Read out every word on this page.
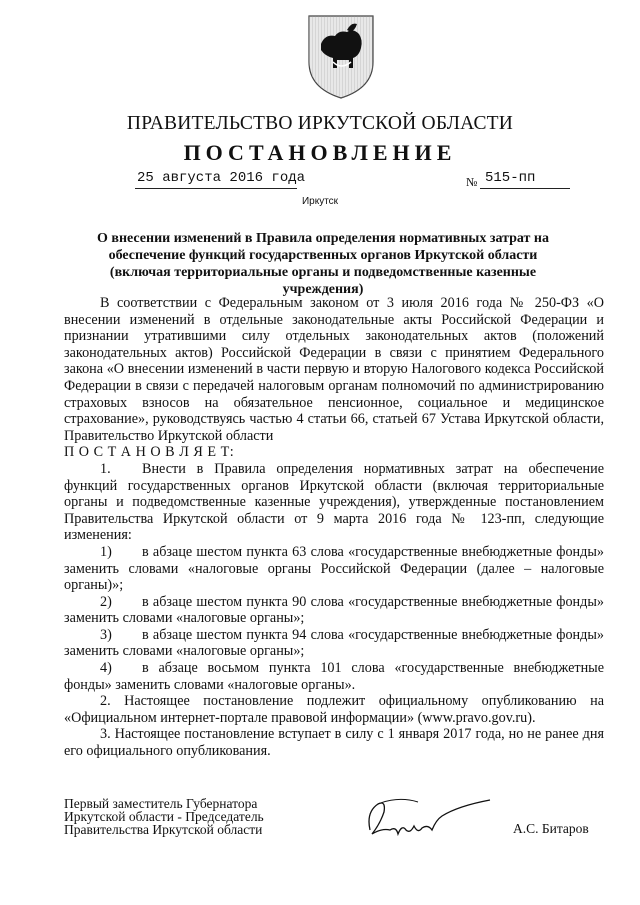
ПРАВИТЕЛЬСТВО ИРКУТСКОЙ ОБЛАСТИ
ПОСТАНОВЛЕНИЕ
25 августа 2016 года	№ 515-пп
Иркутск
О внесении изменений в Правила определения нормативных затрат на обеспечение функций государственных органов Иркутской области (включая территориальные органы и подведомственные казенные учреждения)

В соответствии с Федеральным законом от 3 июля 2016 года № 250-ФЗ «О внесении изменений в отдельные законодательные акты Российской Федерации и признании утратившими силу отдельных законодательных актов (положений законодательных актов) Российской Федерации в связи с принятием Федерального закона «О внесении изменений в части первую и вторую Налогового кодекса Российской Федерации в связи с передачей налоговым органам полномочий по администрированию страховых взносов на обязательное пенсионное, социальное и медицинское страхование», руководствуясь частью 4 статьи 66, статьей 67 Устава Иркутской области, Правительство Иркутской области

П О С Т А Н О В Л Я Е Т:

1. Внести в Правила определения нормативных затрат на обеспечение функций государственных органов Иркутской области (включая территориальные органы и подведомственные казенные учреждения), утвержденные постановлением Правительства Иркутской области от 9 марта 2016 года № 123-пп, следующие изменения:

1) в абзаце шестом пункта 63 слова «государственные внебюджетные фонды» заменить словами «налоговые органы Российской Федерации (далее – налоговые органы)»;

2) в абзаце шестом пункта 90 слова «государственные внебюджетные фонды» заменить словами «налоговые органы»;

3) в абзаце шестом пункта 94 слова «государственные внебюджетные фонды» заменить словами «налоговые органы»;

4) в абзаце восьмом пункта 101 слова «государственные внебюджетные фонды» заменить словами «налоговые органы».

2. Настоящее постановление подлежит официальному опубликованию на «Официальном интернет-портале правовой информации» (www.pravo.gov.ru).

3. Настоящее постановление вступает в силу с 1 января 2017 года, но не ранее дня его официального опубликования.

Первый заместитель Губернатора
Иркутской области - Председатель
Правительства Иркутской области	А.С. Битаров
